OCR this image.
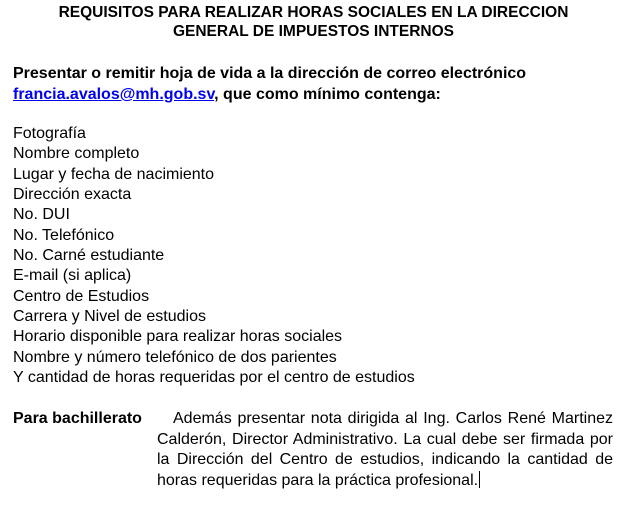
REQUISITOS PARA REALIZAR HORAS SOCIALES EN LA DIRECCION
GENERAL DE IMPUESTOS INTERNOS
Presentar o remitir hoja de vida a la dirección de correo electrónico
francia.avalos@mh.gob.sv, que como mínimo contenga:
Fotografía
Nombre completo
Lugar y fecha de nacimiento
Dirección exacta
No. DUI
No. Telefónico
No. Carné estudiante
E-mail (si aplica)
Centro de Estudios
Carrera y Nivel de estudios
Horario disponible para realizar horas sociales
Nombre y número telefónico de dos parientes
Y cantidad de horas requeridas por el centro de estudios
Para bachillerato	Además presentar nota dirigida al Ing. Carlos René Martinez Calderón, Director Administrativo. La cual debe ser firmada por la Dirección del Centro de estudios, indicando la cantidad de horas requeridas para la práctica profesional.
